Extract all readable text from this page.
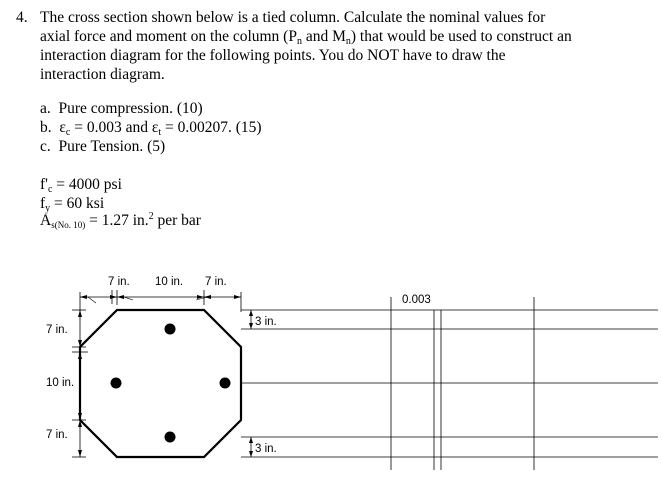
4. The cross section shown below is a tied column. Calculate the nominal values for
axial force and moment on the column ($P_n$ and $M_n$) that would be used to construct an
interaction diagram for the following points. You do NOT have to draw the
interaction diagram.
a. Pure compression. (10)
b. $\varepsilon_c = 0.003$ and $\varepsilon_t = 0.00207$. (15)
c. Pure Tension. (5)
$f'_c = 4000$ psi
$f_y = 60$ ksi
$A_{s(No. 10)} = 1.27$ in.$^2$ per bar
7 in. 10 in. 7 in.
7 in.
10 in.
7 in.
3 in.
3 in.
0.003
